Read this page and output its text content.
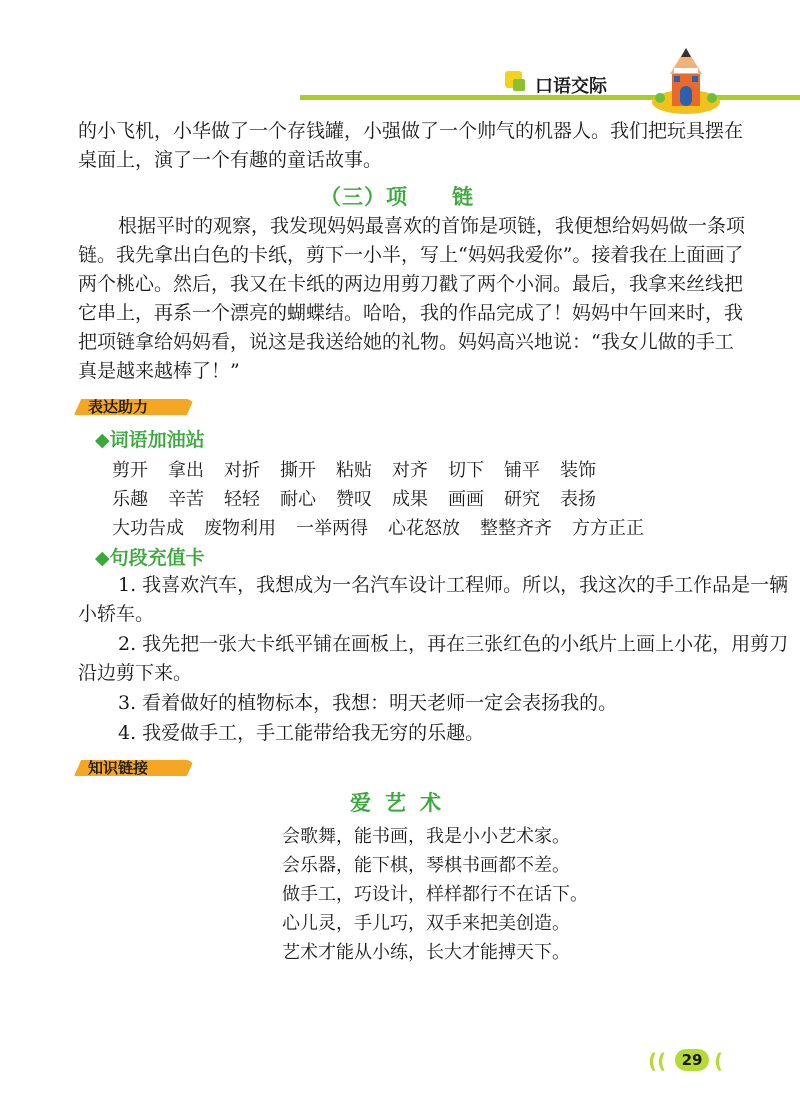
口语交际
的小飞机，小华做了一个存钱罐，小强做了一个帅气的机器人。我们把玩具摆在
桌面上，演了一个有趣的童话故事。
（三）项　　链
根据平时的观察，我发现妈妈最喜欢的首饰是项链，我便想给妈妈做一条项
链。我先拿出白色的卡纸，剪下一小半，写上“妈妈我爱你”。接着我在上面画了
两个桃心。然后，我又在卡纸的两边用剪刀戳了两个小洞。最后，我拿来丝线把
它串上，再系一个漂亮的蝴蝶结。哈哈，我的作品完成了！妈妈中午回来时，我
把项链拿给妈妈看，说这是我送给她的礼物。妈妈高兴地说：“我女儿做的手工
真是越来越棒了！”
表达助力
◆词语加油站
剪开 拿出 对折 撕开 粘贴 对齐 切下 铺平 装饰
乐趣 辛苦 轻轻 耐心 赞叹 成果 画画 研究 表扬
大功告成 废物利用 一举两得 心花怒放 整整齐齐 方方正正
◆句段充值卡
1. 我喜欢汽车，我想成为一名汽车设计工程师。所以，我这次的手工作品是一辆
小轿车。
2. 我先把一张大卡纸平铺在画板上，再在三张红色的小纸片上画上小花，用剪刀
沿边剪下来。
3. 看着做好的植物标本，我想：明天老师一定会表扬我的。
4. 我爱做手工，手工能带给我无穷的乐趣。
知识链接
爱艺术
会歌舞，能书画，我是小小艺术家。
会乐器，能下棋，琴棋书画都不差。
做手工，巧设计，样样都行不在话下。
心儿灵，手儿巧，双手来把美创造。
艺术才能从小练，长大才能搏天下。
((	29 (
